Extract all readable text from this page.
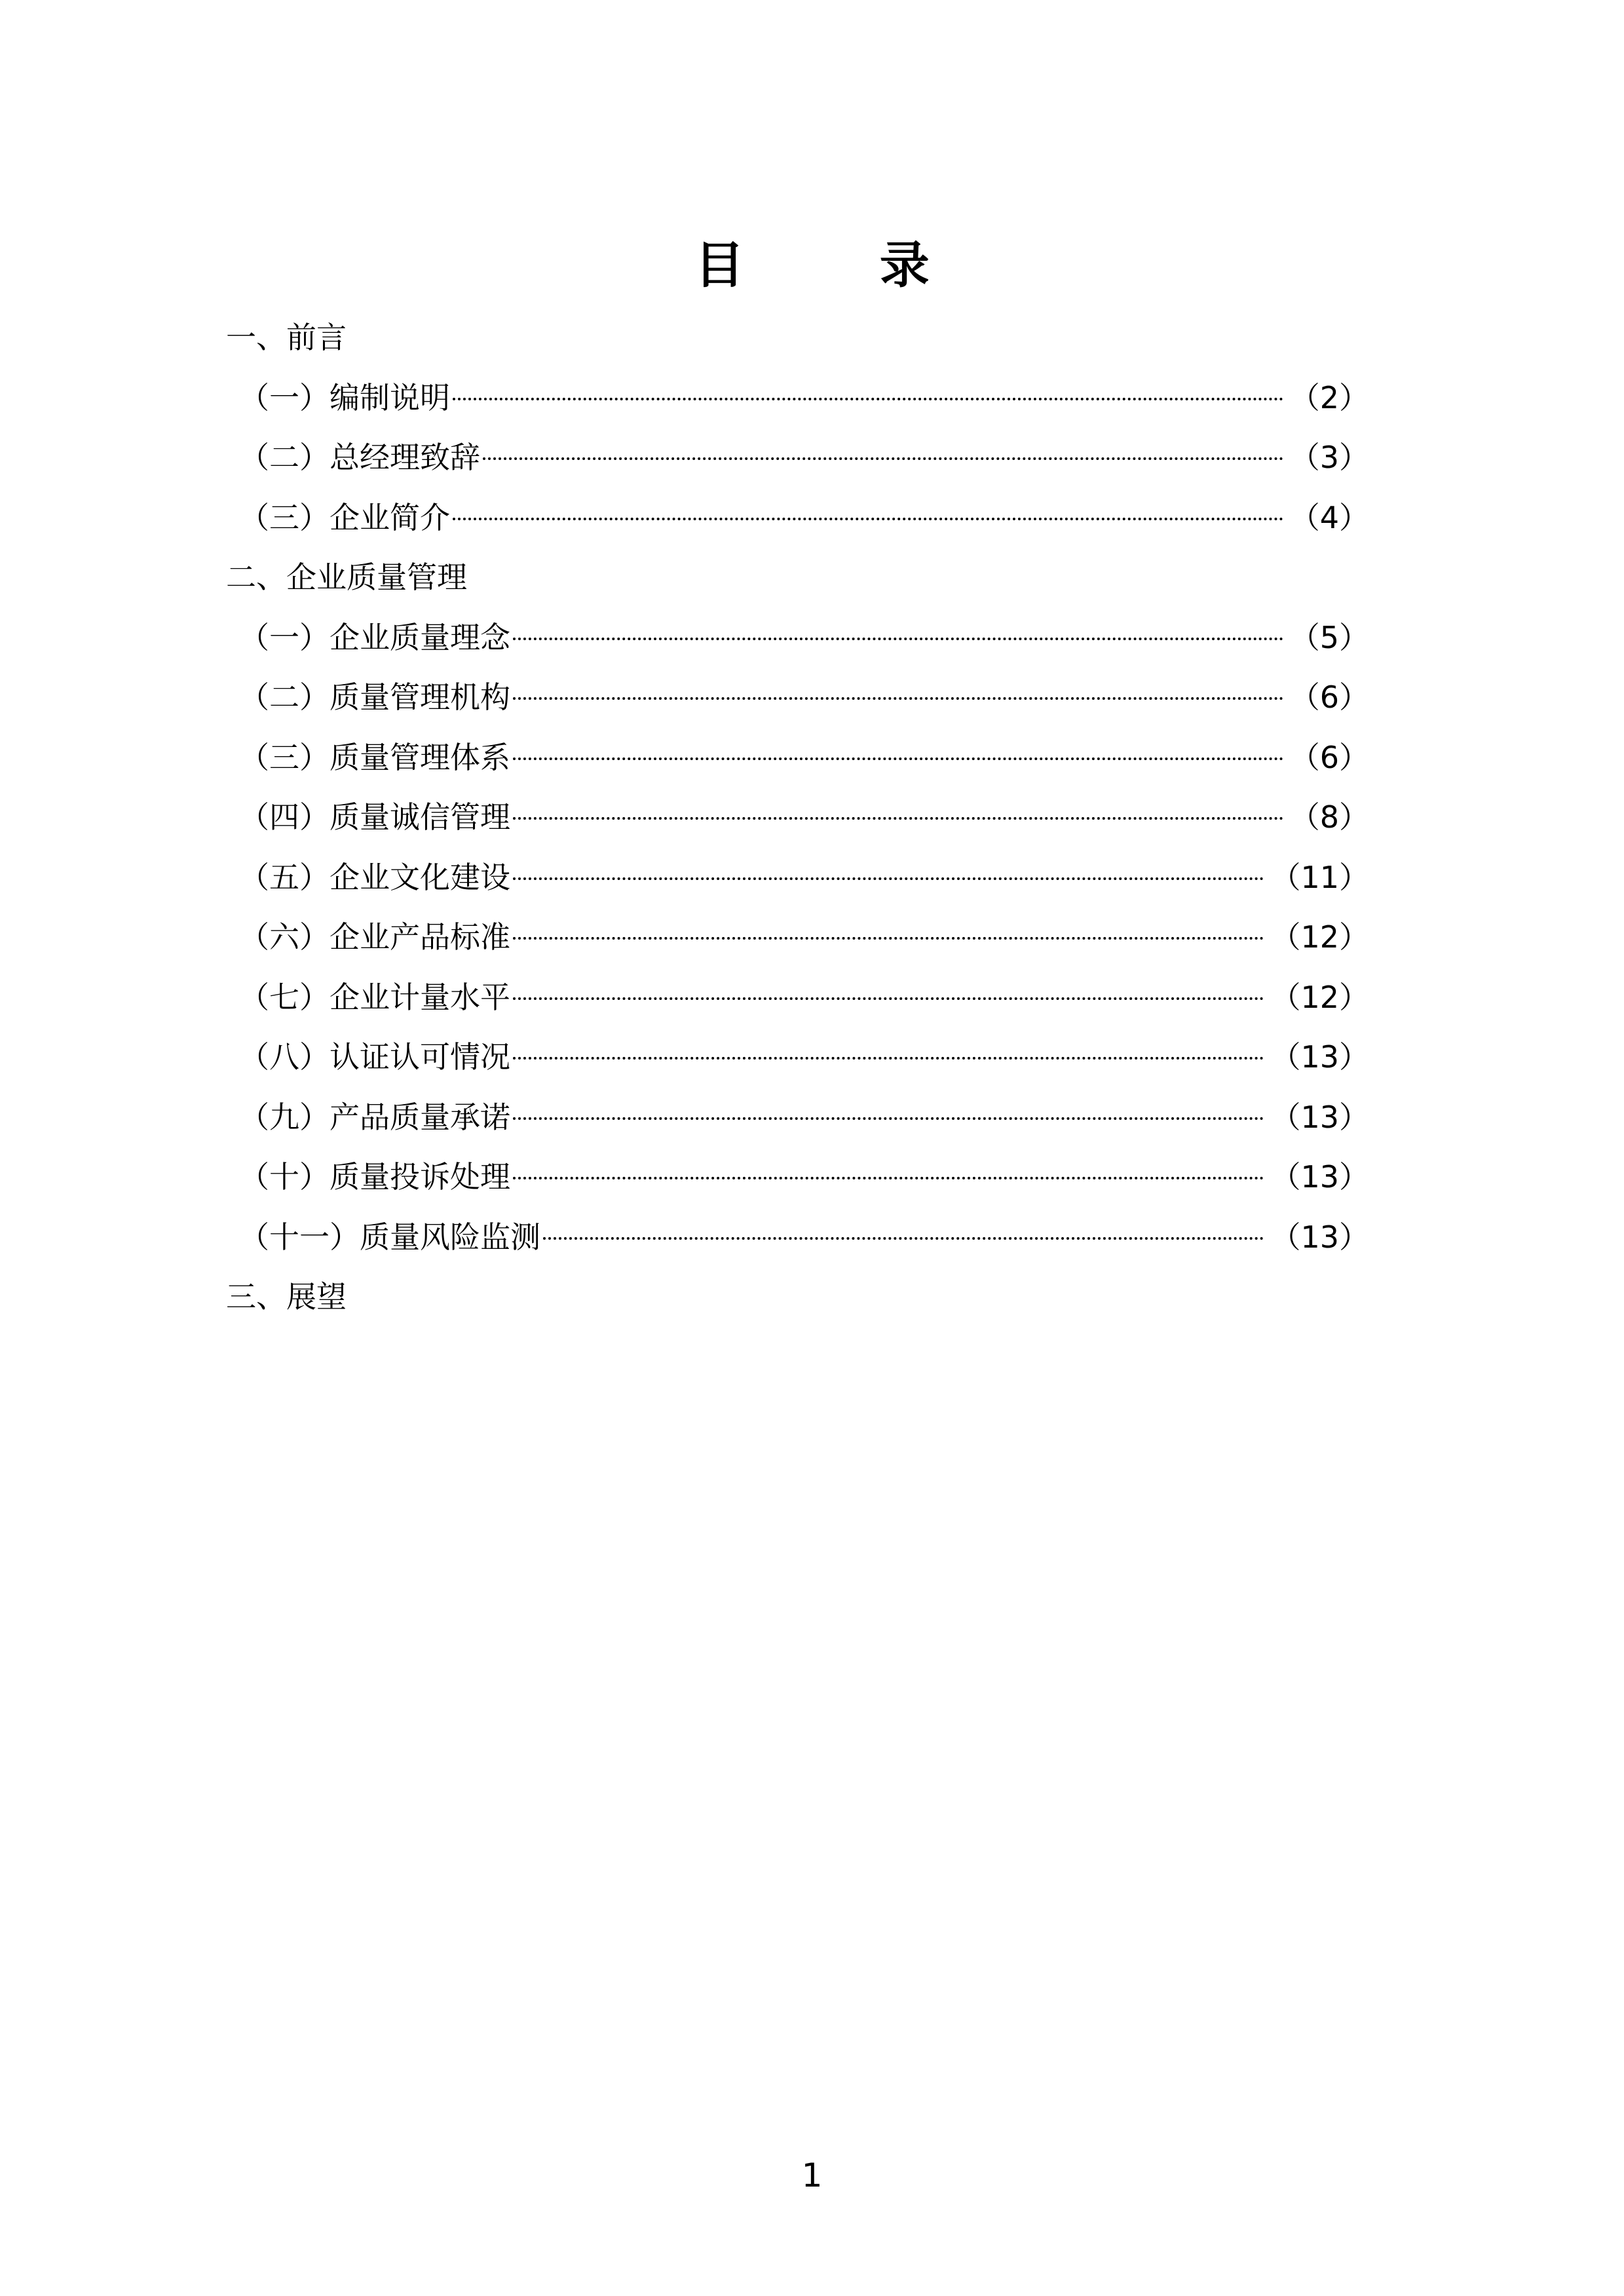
目 录
一、前言
（一）编制说明	（2）
（二）总经理致辞	（3）
（三）企业简介	（4）
二、企业质量管理
（一）企业质量理念	（5）
（二）质量管理机构	（6）
（三）质量管理体系	（6）
（四）质量诚信管理	（8）
（五）企业文化建设	（11）
（六）企业产品标准	（12）
（七）企业计量水平	（12）
（八）认证认可情况	（13）
（九）产品质量承诺	（13）
（十）质量投诉处理	（13）
（十一）质量风险监测	（13）
三、展望
1
